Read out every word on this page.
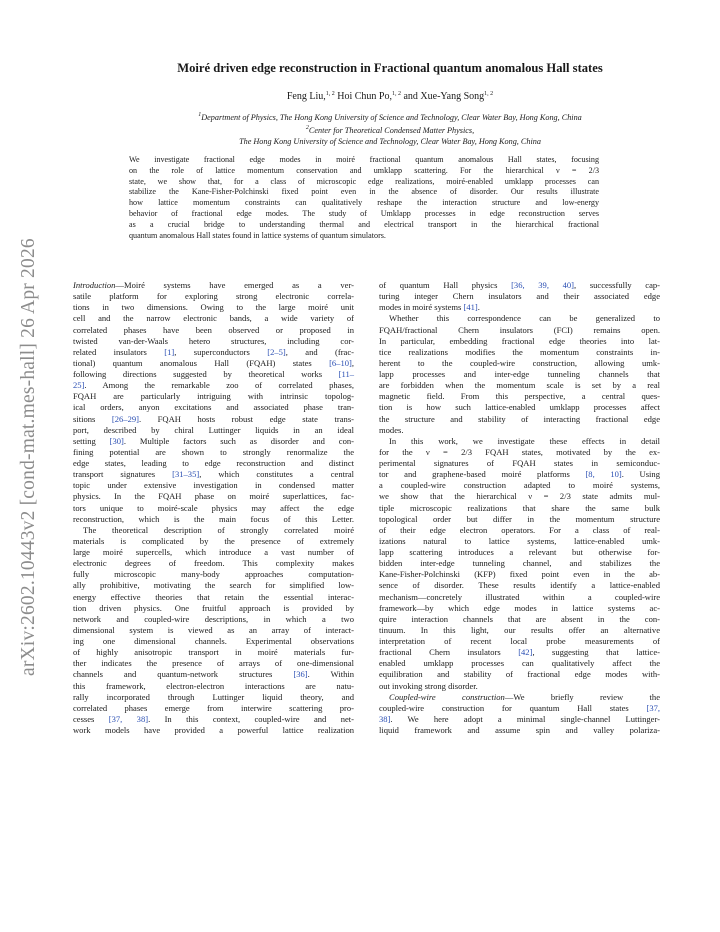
arXiv:2602.10443v2 [cond-mat.mes-hall] 26 Apr 2026
Moiré driven edge reconstruction in Fractional quantum anomalous Hall states
Feng Liu,$^{1, 2}$ Hoi Chun Po,$^{1, 2}$ and Xue-Yang Song$^{1, 2}$
$^1$Department of Physics, The Hong Kong University of Science and Technology, Clear Water Bay, Hong Kong, China
$^2$Center for Theoretical Condensed Matter Physics,
The Hong Kong University of Science and Technology, Clear Water Bay, Hong Kong, China
We investigate fractional edge modes in moiré fractional quantum anomalous Hall states, focusing
on the role of lattice momentum conservation and umklapp scattering. For the hierarchical ν = 2/3
state, we show that, for a class of microscopic edge realizations, moiré-enabled umklapp processes can
stabilize the Kane-Fisher-Polchinski fixed point even in the absence of disorder. Our results illustrate
how lattice momentum constraints can qualitatively reshape the interaction structure and low-energy
behavior of fractional edge modes. The study of Umklapp processes in edge reconstruction serves
as a crucial bridge to understanding thermal and electrical transport in the hierarchical fractional
quantum anomalous Hall states found in lattice systems of quantum simulators.
Introduction—Moiré systems have emerged as a ver-
satile platform for exploring strong electronic correla-
tions in two dimensions. Owing to the large moiré unit
cell and the narrow electronic bands, a wide variety of
correlated phases have been observed or proposed in
twisted van-der-Waals hetero structures, including cor-
related insulators [1], superconductors [2–5], and (frac-
tional) quantum anomalous Hall (FQAH) states [6–10],
following directions suggested by theoretical works [11–
25]. Among the remarkable zoo of correlated phases,
FQAH are particularly intriguing with intrinsic topolog-
ical orders, anyon excitations and associated phase tran-
sitions [26–29]. FQAH hosts robust edge state trans-
port, described by chiral Luttinger liquids in an ideal
setting [30]. Multiple factors such as disorder and con-
fining potential are shown to strongly renormalize the
edge states, leading to edge reconstruction and distinct
transport signatures [31–35], which constitutes a central
topic under extensive investigation in condensed matter
physics. In the FQAH phase on moiré superlattices, fac-
tors unique to moiré-scale physics may affect the edge
reconstruction, which is the main focus of this Letter.
The theoretical description of strongly correlated moiré
materials is complicated by the presence of extremely
large moiré supercells, which introduce a vast number of
electronic degrees of freedom. This complexity makes
fully microscopic many-body approaches computation-
ally prohibitive, motivating the search for simplified low-
energy effective theories that retain the essential interac-
tion driven physics. One fruitful approach is provided by
network and coupled-wire descriptions, in which a two
dimensional system is viewed as an array of interact-
ing one dimensional channels. Experimental observations
of highly anisotropic transport in moiré materials fur-
ther indicates the presence of arrays of one-dimensional
channels and quantum-network structures [36]. Within
this framework, electron-electron interactions are natu-
rally incorporated through Luttinger liquid theory, and
correlated phases emerge from interwire scattering pro-
cesses [37, 38]. In this context, coupled-wire and net-
work models have provided a powerful lattice realization
of quantum Hall physics [36, 39, 40], successfully cap-
turing integer Chern insulators and their associated edge
modes in moiré systems [41].
Whether this correspondence can be generalized to
FQAH/fractional Chern insulators (FCI) remains open.
In particular, embedding fractional edge theories into lat-
tice realizations modifies the momentum constraints in-
herent to the coupled-wire construction, allowing umk-
lapp processes and inter-edge tunneling channels that
are forbidden when the momentum scale is set by a real
magnetic field. From this perspective, a central ques-
tion is how such lattice-enabled umklapp processes affect
the structure and stability of interacting fractional edge
modes.
In this work, we investigate these effects in detail
for the ν = 2/3 FQAH states, motivated by the ex-
perimental signatures of FQAH states in semiconduc-
tor and graphene-based moiré platforms [8, 10]. Using
a coupled-wire construction adapted to moiré systems,
we show that the hierarchical ν = 2/3 state admits mul-
tiple microscopic realizations that share the same bulk
topological order but differ in the momentum structure
of their edge electron operators. For a class of real-
izations natural to lattice systems, lattice-enabled umk-
lapp scattering introduces a relevant but otherwise for-
bidden inter-edge tunneling channel, and stabilizes the
Kane-Fisher-Polchinski (KFP) fixed point even in the ab-
sence of disorder. These results identify a lattice-enabled
mechanism—concretely illustrated within a coupled-wire
framework—by which edge modes in lattice systems ac-
quire interaction channels that are absent in the con-
tinuum. In this light, our results offer an alternative
interpretation of recent local probe measurements of
fractional Chern insulators [42], suggesting that lattice-
enabled umklapp processes can qualitatively affect the
equilibration and stability of fractional edge modes with-
out invoking strong disorder.
Coupled-wire construction—We briefly review the
coupled-wire construction for quantum Hall states [37,
38]. We here adopt a minimal single-channel Luttinger-
liquid framework and assume spin and valley polariza-
